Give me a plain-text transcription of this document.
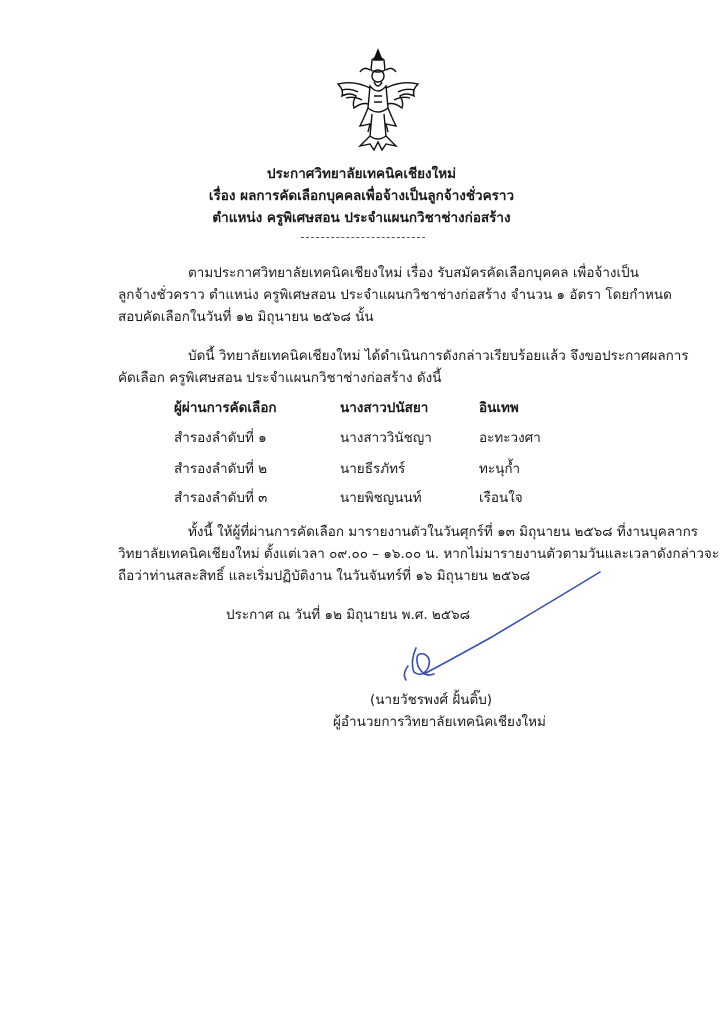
ประกาศวิทยาลัยเทคนิคเชียงใหม่
เรื่อง ผลการคัดเลือกบุคคลเพื่อจ้างเป็นลูกจ้างชั่วคราว
ตำแหน่ง ครูพิเศษสอน ประจำแผนกวิชาช่างก่อสร้าง
ตามประกาศวิทยาลัยเทคนิคเชียงใหม่ เรื่อง รับสมัครคัดเลือกบุคคล เพื่อจ้างเป็น
ลูกจ้างชั่วคราว ตำแหน่ง ครูพิเศษสอน ประจำแผนกวิชาช่างก่อสร้าง จำนวน ๑ อัตรา โดยกำหนด
สอบคัดเลือกในวันที่ ๑๒ มิถุนายน ๒๕๖๘ นั้น
บัดนี้ วิทยาลัยเทคนิคเชียงใหม่ ได้ดำเนินการดังกล่าวเรียบร้อยแล้ว จึงขอประกาศผลการ
คัดเลือก ครูพิเศษสอน ประจำแผนกวิชาช่างก่อสร้าง ดังนี้
ผู้ผ่านการคัดเลือก	นางสาวปนัสยา	อินเทพ
สำรองลำดับที่ ๑	นางสาววินัชญา	อะทะวงศา
สำรองลำดับที่ ๒	นายธีรภัทร์	ทะนุก้ำ
สำรองลำดับที่ ๓	นายพิชญนนท์	เรือนใจ
ทั้งนี้ ให้ผู้ที่ผ่านการคัดเลือก มารายงานตัวในวันศุกร์ที่ ๑๓ มิถุนายน ๒๕๖๘ ที่งานบุคลากร
วิทยาลัยเทคนิคเชียงใหม่ ตั้งแต่เวลา ๐๙.๐๐ – ๑๖.๐๐ น. หากไม่มารายงานตัวตามวันและเวลาดังกล่าวจะ
ถือว่าท่านสละสิทธิ์ และเริ่มปฏิบัติงาน ในวันจันทร์ที่ ๑๖ มิถุนายน ๒๕๖๘
ประกาศ ณ วันที่ ๑๒ มิถุนายน พ.ศ. ๒๕๖๘
(นายวัชรพงศ์ ฝั้นติ๊บ)
ผู้อำนวยการวิทยาลัยเทคนิคเชียงใหม่
